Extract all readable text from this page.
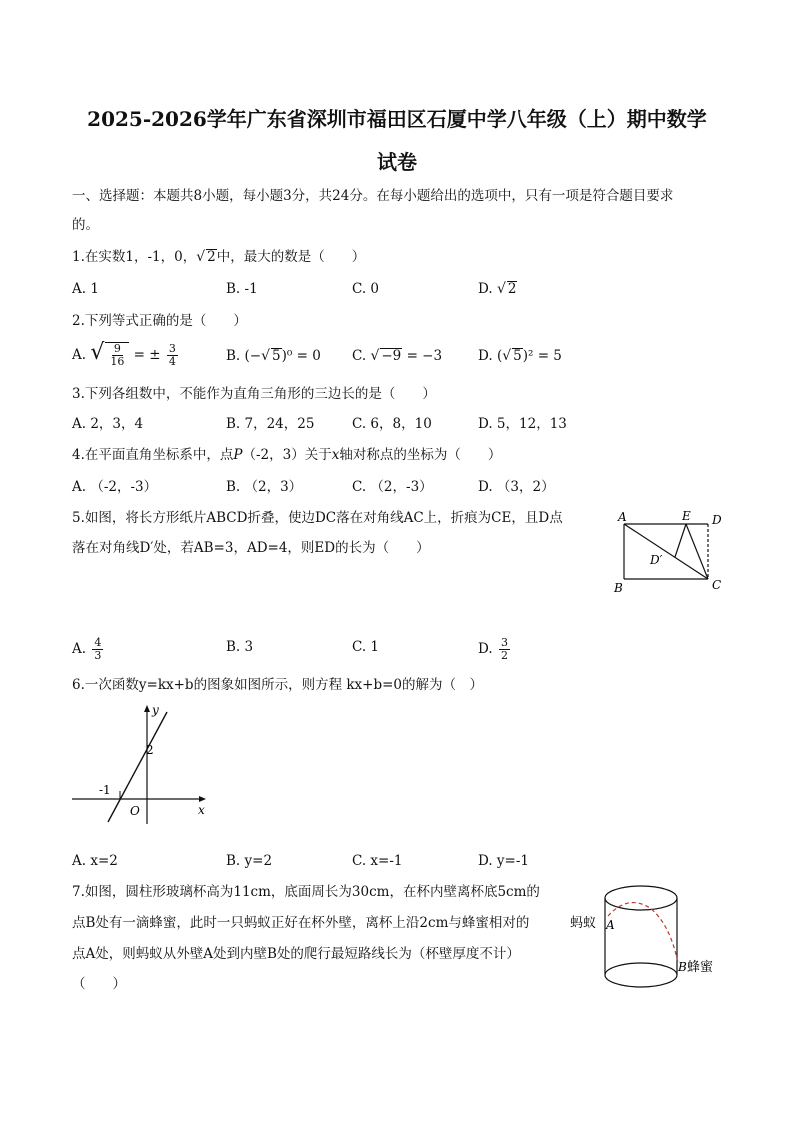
2025-2026学年广东省深圳市福田区石厦中学八年级（上）期中数学
试卷
一、选择题：本题共8小题，每小题3分，共24分。在每小题给出的选项中，只有一项是符合题目要求
的。
1.在实数1，-1，0，√ 2中，最大的数是（　　）
A. 1	B. -1	C. 0	D. √ 2
2.下列等式正确的是（　　）
A. √ $\frac{9}{16}$ = ± $\frac{3}{4}$	B. (−√ 5)⁰ = 0 C. √ −9 = −3	D. (√ 5)² = 5
3.下列各组数中，不能作为直角三角形的三边长的是（　　）
A. 2，3，4	B. 7，24，25	C. 6，8，10	D. 5，12，13
4.在平面直角坐标系中，点P（-2，3）关于x轴对称点的坐标为（　　）
A. （-2，-3）	B. （2，3）	C. （2，-3）	D. （3，2）
5.如图，将长方形纸片ABCD折叠，使边DC落在对角线AC上，折痕为CE，且D点
落在对角线D′处，若AB=3，AD=4，则ED的长为（　　）
A	E D
D′
B	C
A. $\frac{4}{3}$	B. 3	C. 1	D. $\frac{3}{2}$
6.一次函数y=kx+b的图象如图所示，则方程 kx+b=0的解为（　）
y
x
O
2
-1
A. x=2	B. y=2	C. x=-1	D. y=-1
7.如图，圆柱形玻璃杯高为11cm，底面周长为30cm，在杯内壁离杯底5cm的
点B处有一滴蜂蜜，此时一只蚂蚁正好在杯外壁，离杯上沿2cm与蜂蜜相对的
点A处，则蚂蚁从外壁A处到内壁B处的爬行最短路线长为（杯壁厚度不计）
（　　）
蚂蚁 A
B 蜂蜜
